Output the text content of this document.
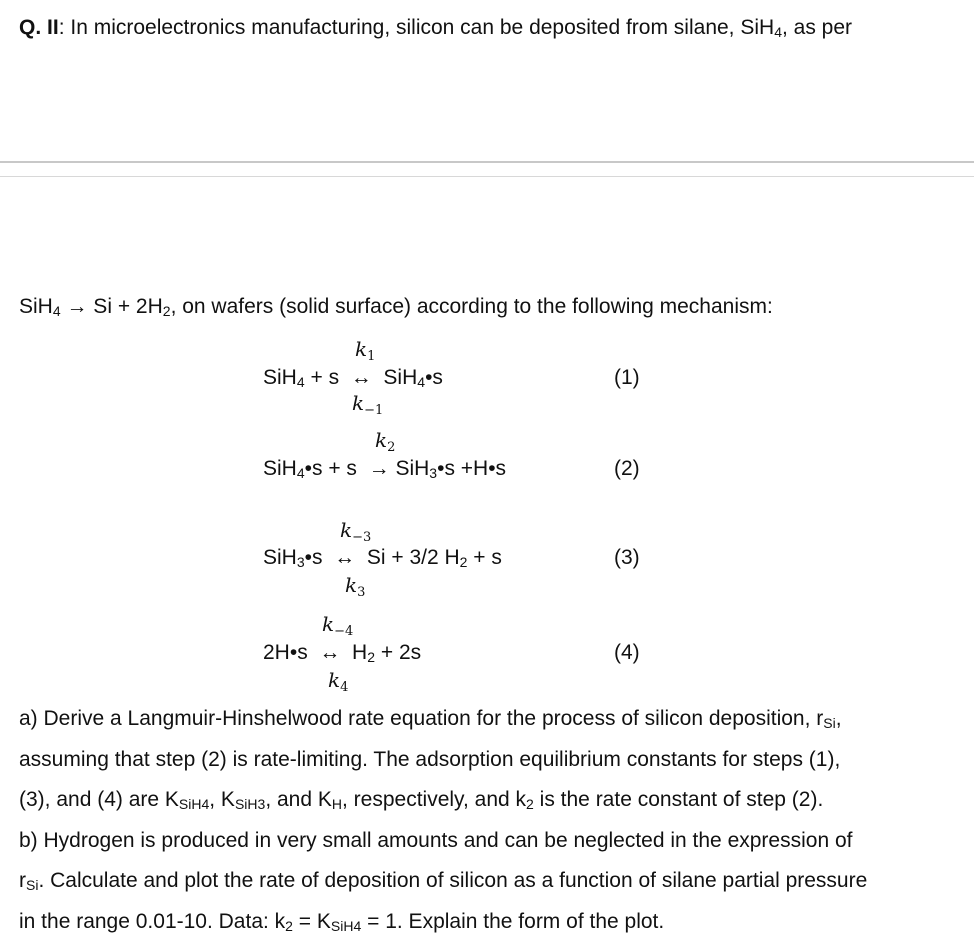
Q. II: In microelectronics manufacturing, silicon can be deposited from silane, SiH$_4$, as per
$SiH_4 \to Si + 2H_2$, on wafers (solid surface) according to the following mechanism:
$k_1$
SiH$_4$ + s ↔ SiH$_4$•s
$k_{-1}$
(1)
$k_2$
SiH$_4$•s + s → SiH$_3$•s +H•s	(2)
$k_{-3}$
SiH$_3$•s ↔ Si + 3/2 $H_2 + s$
$k_3$
(3)
$k_{-4}$
2H•s ↔ $H_2 + 2s$
$k_4$
(4)
a) Derive a Langmuir-Hinshelwood rate equation for the process of silicon deposition, $r_{Si}$,
assuming that step (2) is rate-limiting. The adsorption equilibrium constants for steps (1),
(3), and (4) are $K_{SiH4}$, $K_{SiH3}$, and $K_H$, respectively, and $k_2$ is the rate constant of step (2).
b) Hydrogen is produced in very small amounts and can be neglected in the expression of
$r_{Si}$. Calculate and plot the rate of deposition of silicon as a function of silane partial pressure
in the range 0.01-10. Data: $k_2 = K_{SiH4} = 1$. Explain the form of the plot.
